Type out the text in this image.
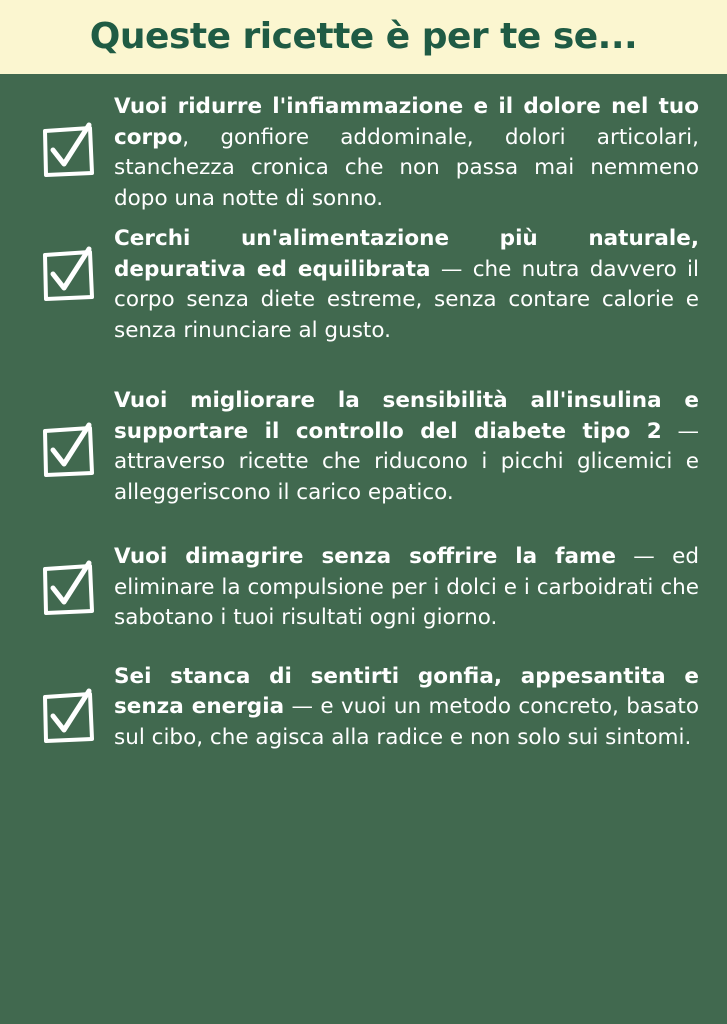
Queste ricette è per te se...
Vuoi ridurre l'infiammazione e il dolore nel tuo corpo, gonfiore addominale, dolori articolari, stanchezza cronica che non passa mai nemmeno dopo una notte di sonno.
Cerchi un'alimentazione più naturale, depurativa ed equilibrata — che nutra davvero il corpo senza diete estreme, senza contare calorie e senza rinunciare al gusto.
Vuoi migliorare la sensibilità all'insulina e supportare il controllo del diabete tipo 2 — attraverso ricette che riducono i picchi glicemici e alleggeriscono il carico epatico.
Vuoi dimagrire senza soffrire la fame — ed eliminare la compulsione per i dolci e i carboidrati che sabotano i tuoi risultati ogni giorno.
Sei stanca di sentirti gonfia, appesantita e senza energia — e vuoi un metodo concreto, basato sul cibo, che agisca alla radice e non solo sui sintomi.
